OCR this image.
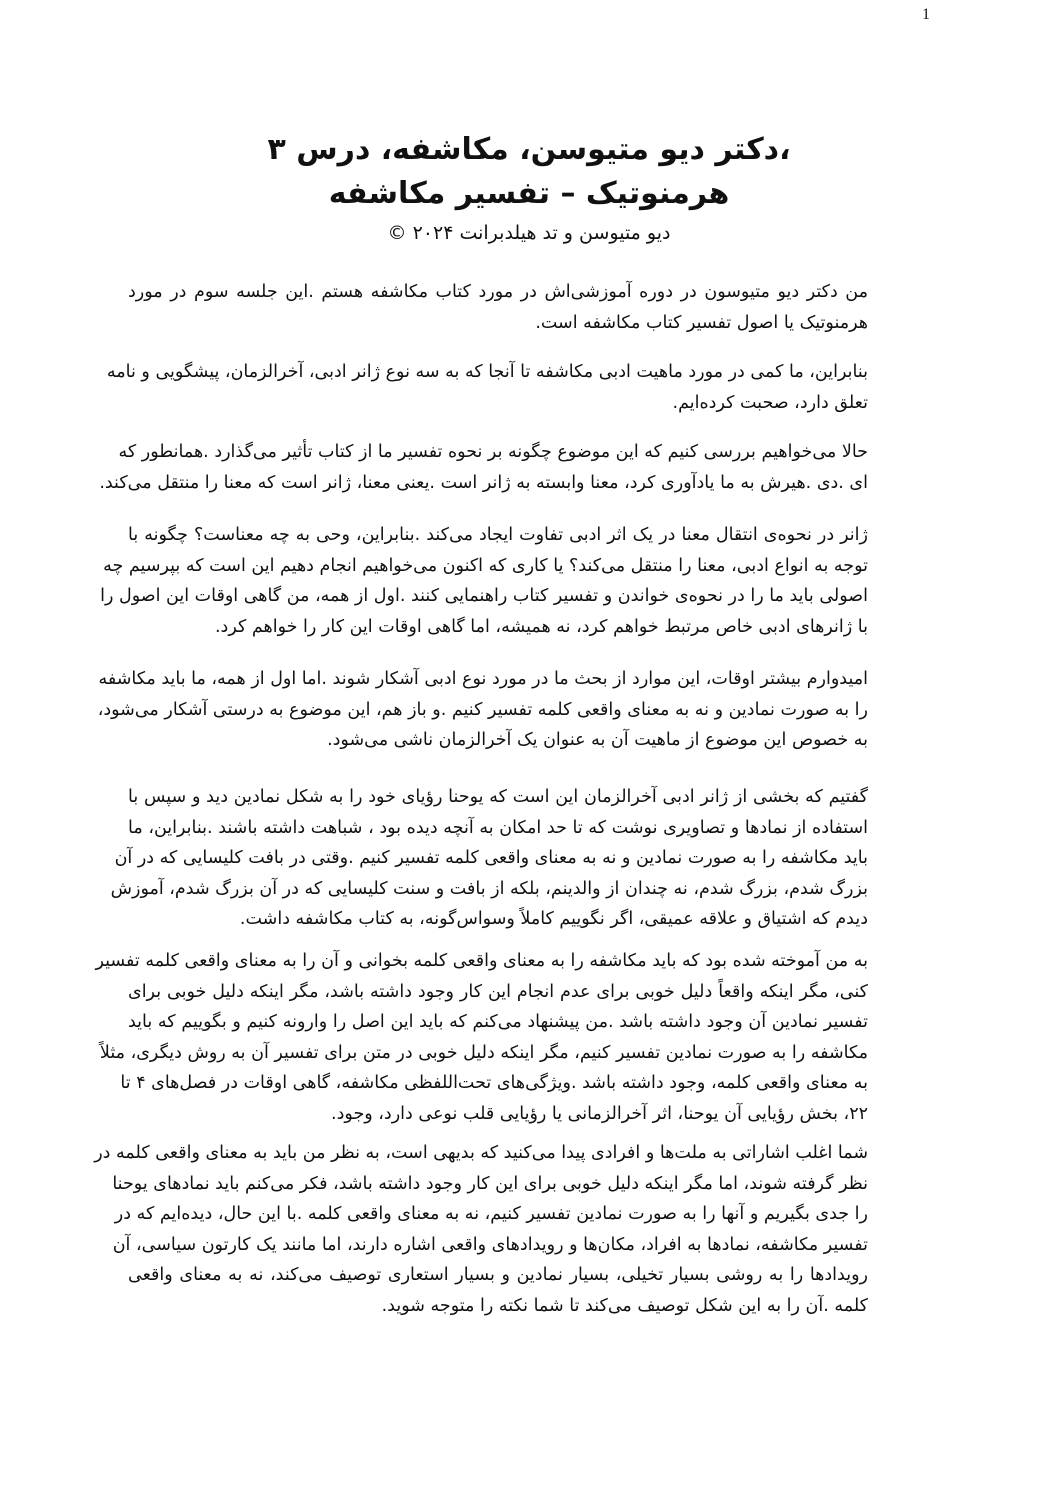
1
،دکتر دیو متیوسن، مکاشفه، درس ۳
هرمنوتیک – تفسیر مکاشفه
دیو متیوسن و تد هیلدبرانت ۲۰۲۴ ©
من دکتر دیو متیوسون در دوره آموزشی‌اش در مورد کتاب مکاشفه هستم .این جلسه سوم در مورد
هرمنوتیک یا اصول تفسیر کتاب مکاشفه است.
بنابراین، ما کمی در مورد ماهیت ادبی مکاشفه تا آنجا که به سه نوع ژانر ادبی، آخرالزمان، پیشگویی و نامه
تعلق دارد، صحبت کرده‌ایم.
حالا می‌خواهیم بررسی کنیم که این موضوع چگونه بر نحوه تفسیر ما از کتاب تأثیر می‌گذارد .همانطور که
ای .دی .هیرش به ما یادآوری کرد، معنا وابسته به ژانر است .یعنی معنا، ژانر است که معنا را منتقل می‌کند.
ژانر در نحوه‌ی انتقال معنا در یک اثر ادبی تفاوت ایجاد می‌کند .بنابراین، وحی به چه معناست؟ چگونه با
توجه به انواع ادبی، معنا را منتقل می‌کند؟ یا کاری که اکنون می‌خواهیم انجام دهیم این است که بپرسیم چه
اصولی باید ما را در نحوه‌ی خواندن و تفسیر کتاب راهنمایی کنند .اول از همه، من گاهی اوقات این اصول را
با ژانرهای ادبی خاص مرتبط خواهم کرد، نه همیشه، اما گاهی اوقات این کار را خواهم کرد.
امیدوارم بیشتر اوقات، این موارد از بحث ما در مورد نوع ادبی آشکار شوند .اما اول از همه، ما باید مکاشفه
را به صورت نمادین و نه به معنای واقعی کلمه تفسیر کنیم .و باز هم، این موضوع به درستی آشکار می‌شود،
به خصوص این موضوع از ماهیت آن به عنوان یک آخرالزمان ناشی می‌شود.
گفتیم که بخشی از ژانر ادبی آخرالزمان این است که یوحنا رؤیای خود را به شکل نمادین دید و سپس با
استفاده از نمادها و تصاویری نوشت که تا حد امکان به آنچه دیده بود ، شباهت داشته باشند .بنابراین، ما
باید مکاشفه را به صورت نمادین و نه به معنای واقعی کلمه تفسیر کنیم .وقتی در بافت کلیسایی که در آن
بزرگ شدم، بزرگ شدم، نه چندان از والدینم، بلکه از بافت و سنت کلیسایی که در آن بزرگ شدم، آموزش
دیدم که اشتیاق و علاقه عمیقی، اگر نگوییم کاملاً وسواس‌گونه، به کتاب مکاشفه داشت.
به من آموخته شده بود که باید مکاشفه را به معنای واقعی کلمه بخوانی و آن را به معنای واقعی کلمه تفسیر
کنی، مگر اینکه واقعاً دلیل خوبی برای عدم انجام این کار وجود داشته باشد، مگر اینکه دلیل خوبی برای
تفسیر نمادین آن وجود داشته باشد .من پیشنهاد می‌کنم که باید این اصل را وارونه کنیم و بگوییم که باید
مکاشفه را به صورت نمادین تفسیر کنیم، مگر اینکه دلیل خوبی در متن برای تفسیر آن به روش دیگری، مثلاً
به معنای واقعی کلمه، وجود داشته باشد .ویژگی‌های تحت‌اللفظی مکاشفه، گاهی اوقات در فصل‌های ۴ تا
۲۲، بخش رؤیایی آن یوحنا، اثر آخرالزمانی یا رؤیایی قلب نوعی دارد، وجود.
شما اغلب اشاراتی به ملت‌ها و افرادی پیدا می‌کنید که بدیهی است، به نظر من باید به معنای واقعی کلمه در
نظر گرفته شوند، اما مگر اینکه دلیل خوبی برای این کار وجود داشته باشد، فکر می‌کنم باید نمادهای یوحنا
را جدی بگیریم و آنها را به صورت نمادین تفسیر کنیم، نه به معنای واقعی کلمه .با این حال، دیده‌ایم که در
تفسیر مکاشفه، نمادها به افراد، مکان‌ها و رویدادهای واقعی اشاره دارند، اما مانند یک کارتون سیاسی، آن
رویدادها را به روشی بسیار تخیلی، بسیار نمادین و بسیار استعاری توصیف می‌کند، نه به معنای واقعی
کلمه .آن را به این شکل توصیف می‌کند تا شما نکته را متوجه شوید.
